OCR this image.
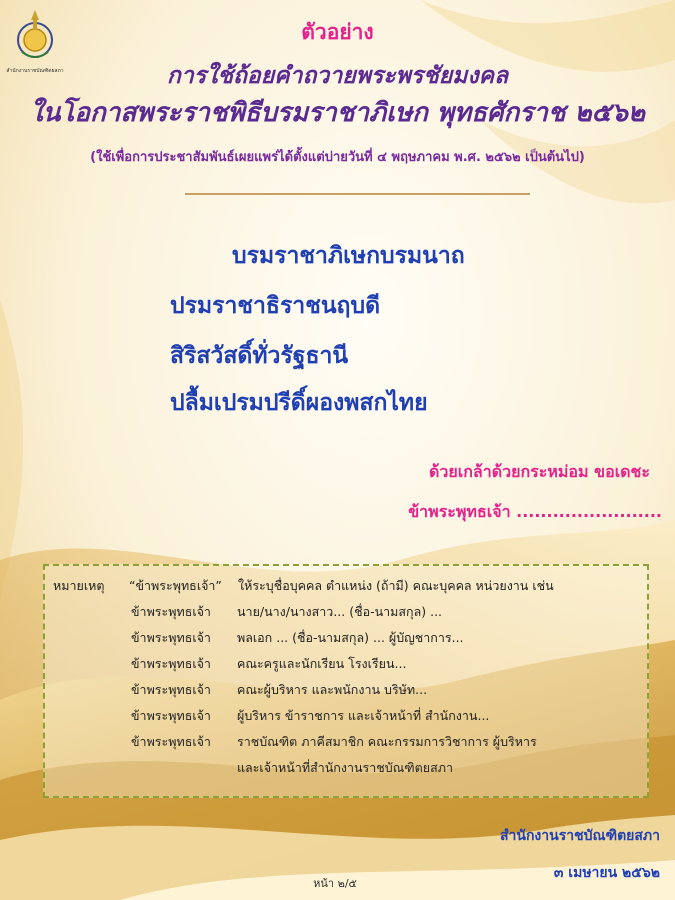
สำนักงานราชบัณฑิตยสภา
ตัวอย่าง
การใช้ถ้อยคำถวายพระพรชัยมงคล
ในโอกาสพระราชพิธีบรมราชาภิเษก พุทธศักราช ๒๕๖๒
(ใช้เพื่อการประชาสัมพันธ์เผยแพร่ได้ตั้งแต่บ่ายวันที่ ๔ พฤษภาคม พ.ศ. ๒๕๖๒ เป็นต้นไป)
บรมราชาภิเษกบรมนาถ
ปรมราชาธิราชนฤบดี
สิริสวัสดิ์ทั่วรัฐธานี
ปลื้มเปรมปรีดิ์ผองพสกไทย
ด้วยเกล้าด้วยกระหม่อม ขอเดชะ
ข้าพระพุทธเจ้า ........................
หมายเหตุ “ข้าพระพุทธเจ้า” ให้ระบุชื่อบุคคล ตำแหน่ง (ถ้ามี) คณะบุคคล หน่วยงาน เช่น
ข้าพระพุทธเจ้า นาย/นาง/นางสาว... (ชื่อ-นามสกุล) ...
ข้าพระพุทธเจ้า พลเอก ... (ชื่อ-นามสกุล) ... ผู้บัญชาการ...
ข้าพระพุทธเจ้า คณะครูและนักเรียน โรงเรียน...
ข้าพระพุทธเจ้า คณะผู้บริหาร และพนักงาน บริษัท...
ข้าพระพุทธเจ้า ผู้บริหาร ข้าราชการ และเจ้าหน้าที่ สำนักงาน...
ข้าพระพุทธเจ้า ราชบัณฑิต ภาคีสมาชิก คณะกรรมการวิชาการ ผู้บริหาร
และเจ้าหน้าที่สำนักงานราชบัณฑิตยสภา
สำนักงานราชบัณฑิตยสภา
๓ เมษายน ๒๕๖๒
หน้า ๒/๕
